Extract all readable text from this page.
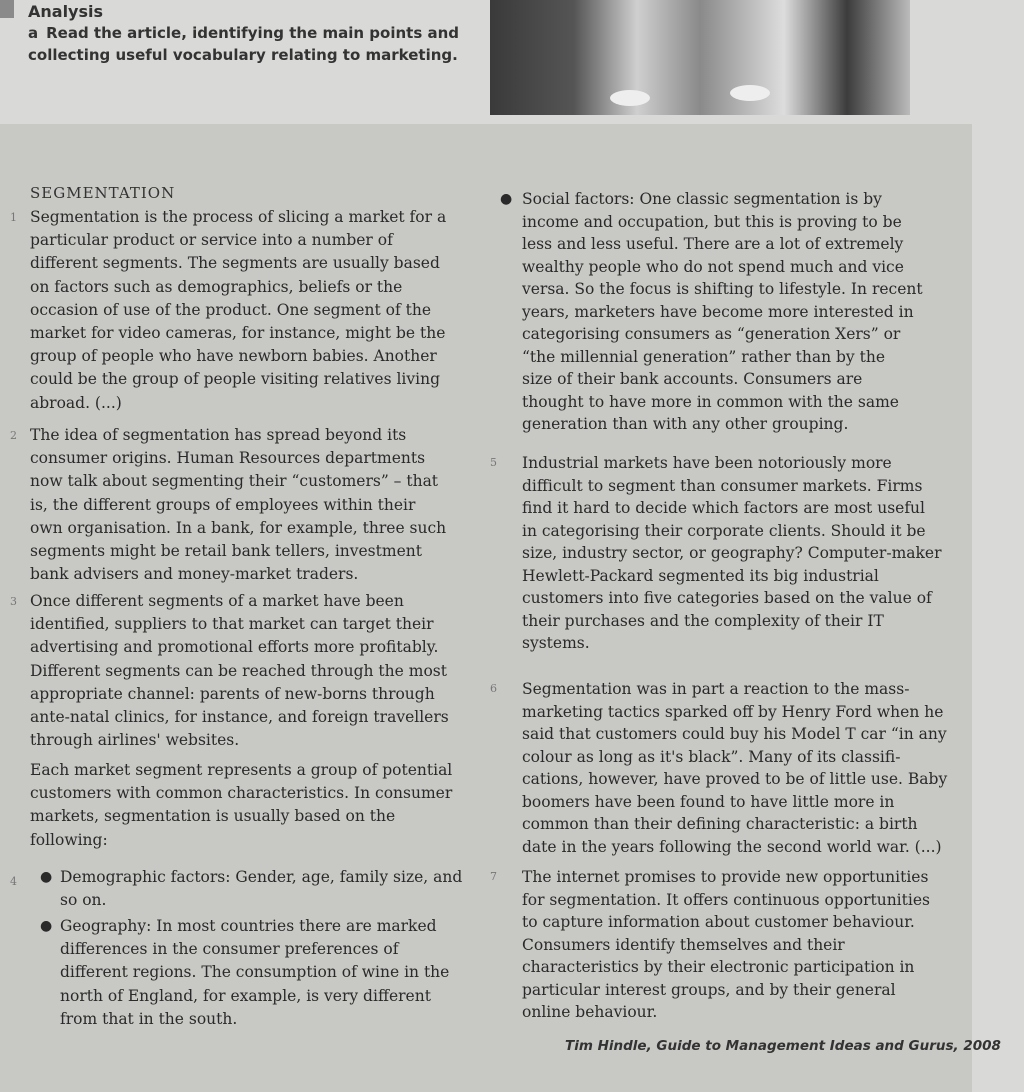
Analysis
a Read the article, identifying the main points and
collecting useful vocabulary relating to marketing.
SEGMENTATION
1 Segmentation is the process of slicing a market for a
particular product or service into a number of
different segments. The segments are usually based
on factors such as demographics, beliefs or the
occasion of use of the product. One segment of the
market for video cameras, for instance, might be the
group of people who have newborn babies. Another
could be the group of people visiting relatives living
abroad. (...)
2 The idea of segmentation has spread beyond its
consumer origins. Human Resources departments
now talk about segmenting their “customers” – that
is, the different groups of employees within their
own organisation. In a bank, for example, three such
segments might be retail bank tellers, investment
bank advisers and money-market traders.
3 Once different segments of a market have been
identified, suppliers to that market can target their
advertising and promotional efforts more profitably.
Different segments can be reached through the most
appropriate channel: parents of new-borns through
ante-natal clinics, for instance, and foreign travellers
through airlines' websites.
Each market segment represents a group of potential
customers with common characteristics. In consumer
markets, segmentation is usually based on the
following:
● Demographic factors: Gender, age, family size, and
so on.
4
● Geography: In most countries there are marked
differences in the consumer preferences of
different regions. The consumption of wine in the
north of England, for example, is very different
from that in the south.
● Social factors: One classic segmentation is by
income and occupation, but this is proving to be
less and less useful. There are a lot of extremely
wealthy people who do not spend much and vice
versa. So the focus is shifting to lifestyle. In recent
years, marketers have become more interested in
categorising consumers as “generation Xers” or
“the millennial generation” rather than by the
size of their bank accounts. Consumers are
thought to have more in common with the same
generation than with any other grouping.
5 Industrial markets have been notoriously more
difficult to segment than consumer markets. Firms
find it hard to decide which factors are most useful
in categorising their corporate clients. Should it be
size, industry sector, or geography? Computer-maker
Hewlett-Packard segmented its big industrial
customers into five categories based on the value of
their purchases and the complexity of their IT
systems.
6 Segmentation was in part a reaction to the mass-
marketing tactics sparked off by Henry Ford when he
said that customers could buy his Model T car “in any
colour as long as it's black”. Many of its classifi-
cations, however, have proved to be of little use. Baby
boomers have been found to have little more in
common than their defining characteristic: a birth
date in the years following the second world war. (...)
7 The internet promises to provide new opportunities
for segmentation. It offers continuous opportunities
to capture information about customer behaviour.
Consumers identify themselves and their
characteristics by their electronic participation in
particular interest groups, and by their general
online behaviour.
Tim Hindle, Guide to Management Ideas and Gurus, 2008
